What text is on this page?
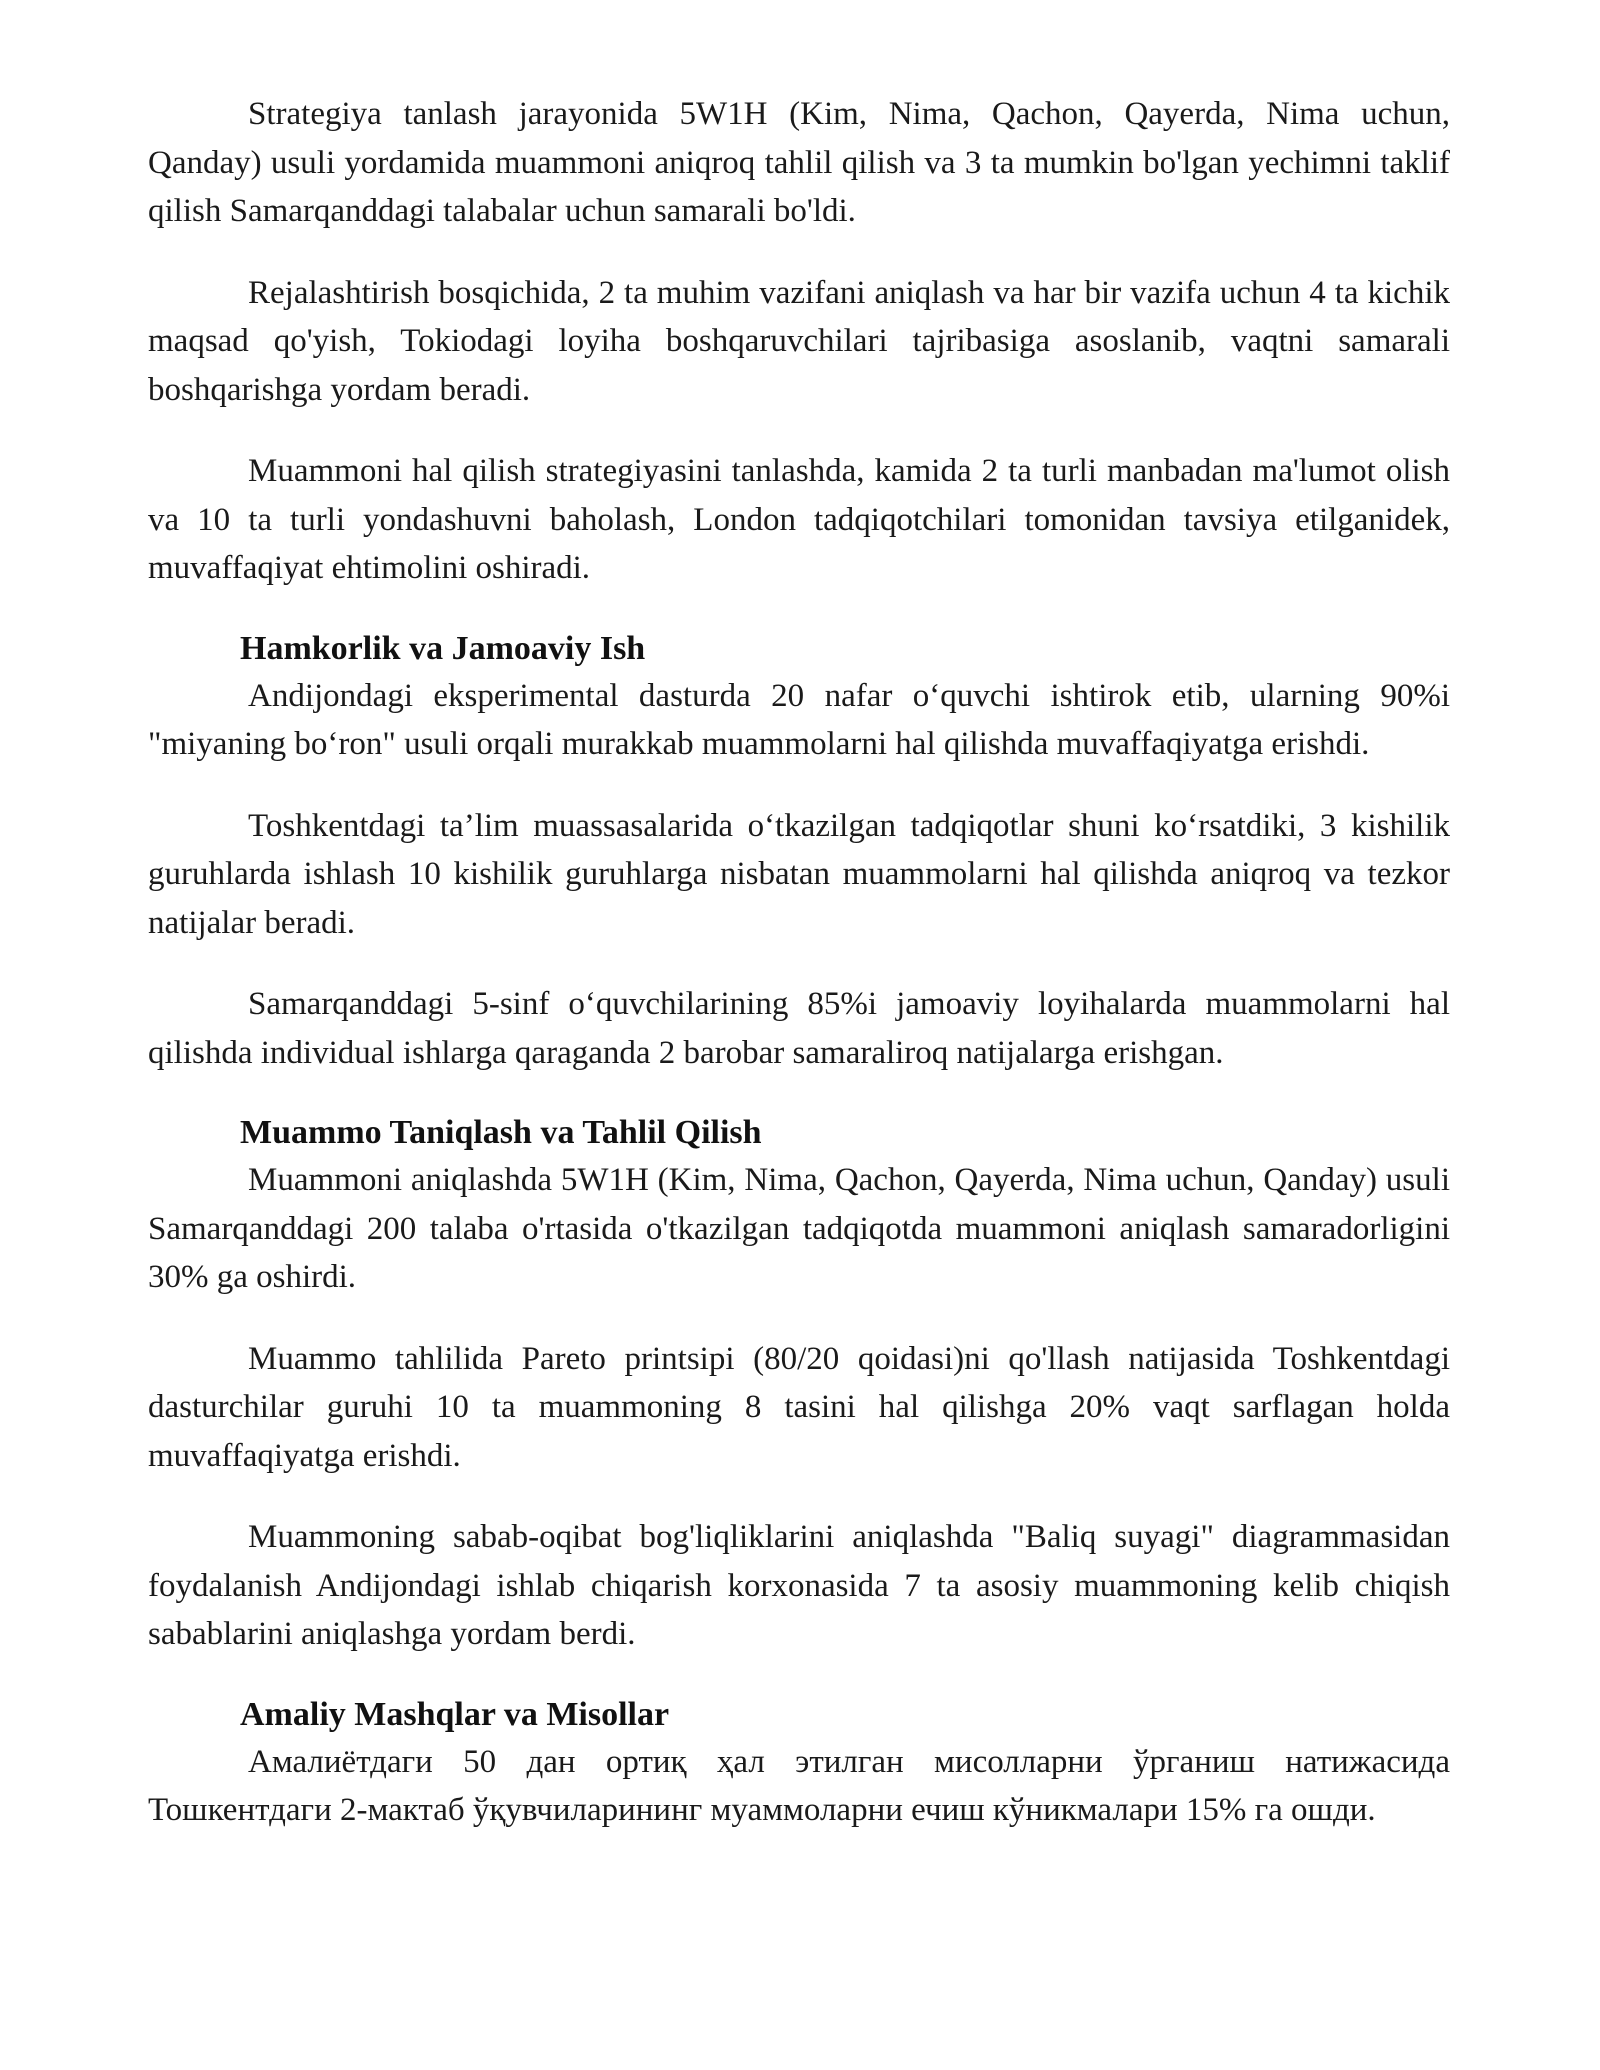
Strategiya tanlash jarayonida 5W1H (Kim, Nima, Qachon, Qayerda, Nima uchun, Qanday) usuli yordamida muammoni aniqroq tahlil qilish va 3 ta mumkin bo'lgan yechimni taklif qilish Samarqanddagi talabalar uchun samarali bo'ldi.

Rejalashtirish bosqichida, 2 ta muhim vazifani aniqlash va har bir vazifa uchun 4 ta kichik maqsad qo'yish, Tokiodagi loyiha boshqaruvchilari tajribasiga asoslanib, vaqtni samarali boshqarishga yordam beradi.

Muammoni hal qilish strategiyasini tanlashda, kamida 2 ta turli manbadan ma'lumot olish va 10 ta turli yondashuvni baholash, London tadqiqotchilari tomonidan tavsiya etilganidek, muvaffaqiyat ehtimolini oshiradi.

Hamkorlik va Jamoaviy Ish

Andijondagi eksperimental dasturda 20 nafar o‘quvchi ishtirok etib, ularning 90%i "miyaning bo‘ron" usuli orqali murakkab muammolarni hal qilishda muvaffaqiyatga erishdi.

Toshkentdagi ta’lim muassasalarida o‘tkazilgan tadqiqotlar shuni ko‘rsatdiki, 3 kishilik guruhlarda ishlash 10 kishilik guruhlarga nisbatan muammolarni hal qilishda aniqroq va tezkor natijalar beradi.

Samarqanddagi 5-sinf o‘quvchilarining 85%i jamoaviy loyihalarda muammolarni hal qilishda individual ishlarga qaraganda 2 barobar samaraliroq natijalarga erishgan.

Muammo Taniqlash va Tahlil Qilish

Muammoni aniqlashda 5W1H (Kim, Nima, Qachon, Qayerda, Nima uchun, Qanday) usuli Samarqanddagi 200 talaba o'rtasida o'tkazilgan tadqiqotda muammoni aniqlash samaradorligini 30% ga oshirdi.

Muammo tahlilida Pareto printsipi (80/20 qoidasi)ni qo'llash natijasida Toshkentdagi dasturchilar guruhi 10 ta muammoning 8 tasini hal qilishga 20% vaqt sarflagan holda muvaffaqiyatga erishdi.

Muammoning sabab-oqibat bog'liqliklarini aniqlashda "Baliq suyagi" diagrammasidan foydalanish Andijondagi ishlab chiqarish korxonasida 7 ta asosiy muammoning kelib chiqish sabablarini aniqlashga yordam berdi.

Amaliy Mashqlar va Misollar

Амалиётдаги 50 дан ортиқ ҳал этилган мисолларни ўрганиш натижасида Тошкентдаги 2-мактаб ўқувчиларининг муаммоларни ечиш кўникмалари 15% га ошди.
